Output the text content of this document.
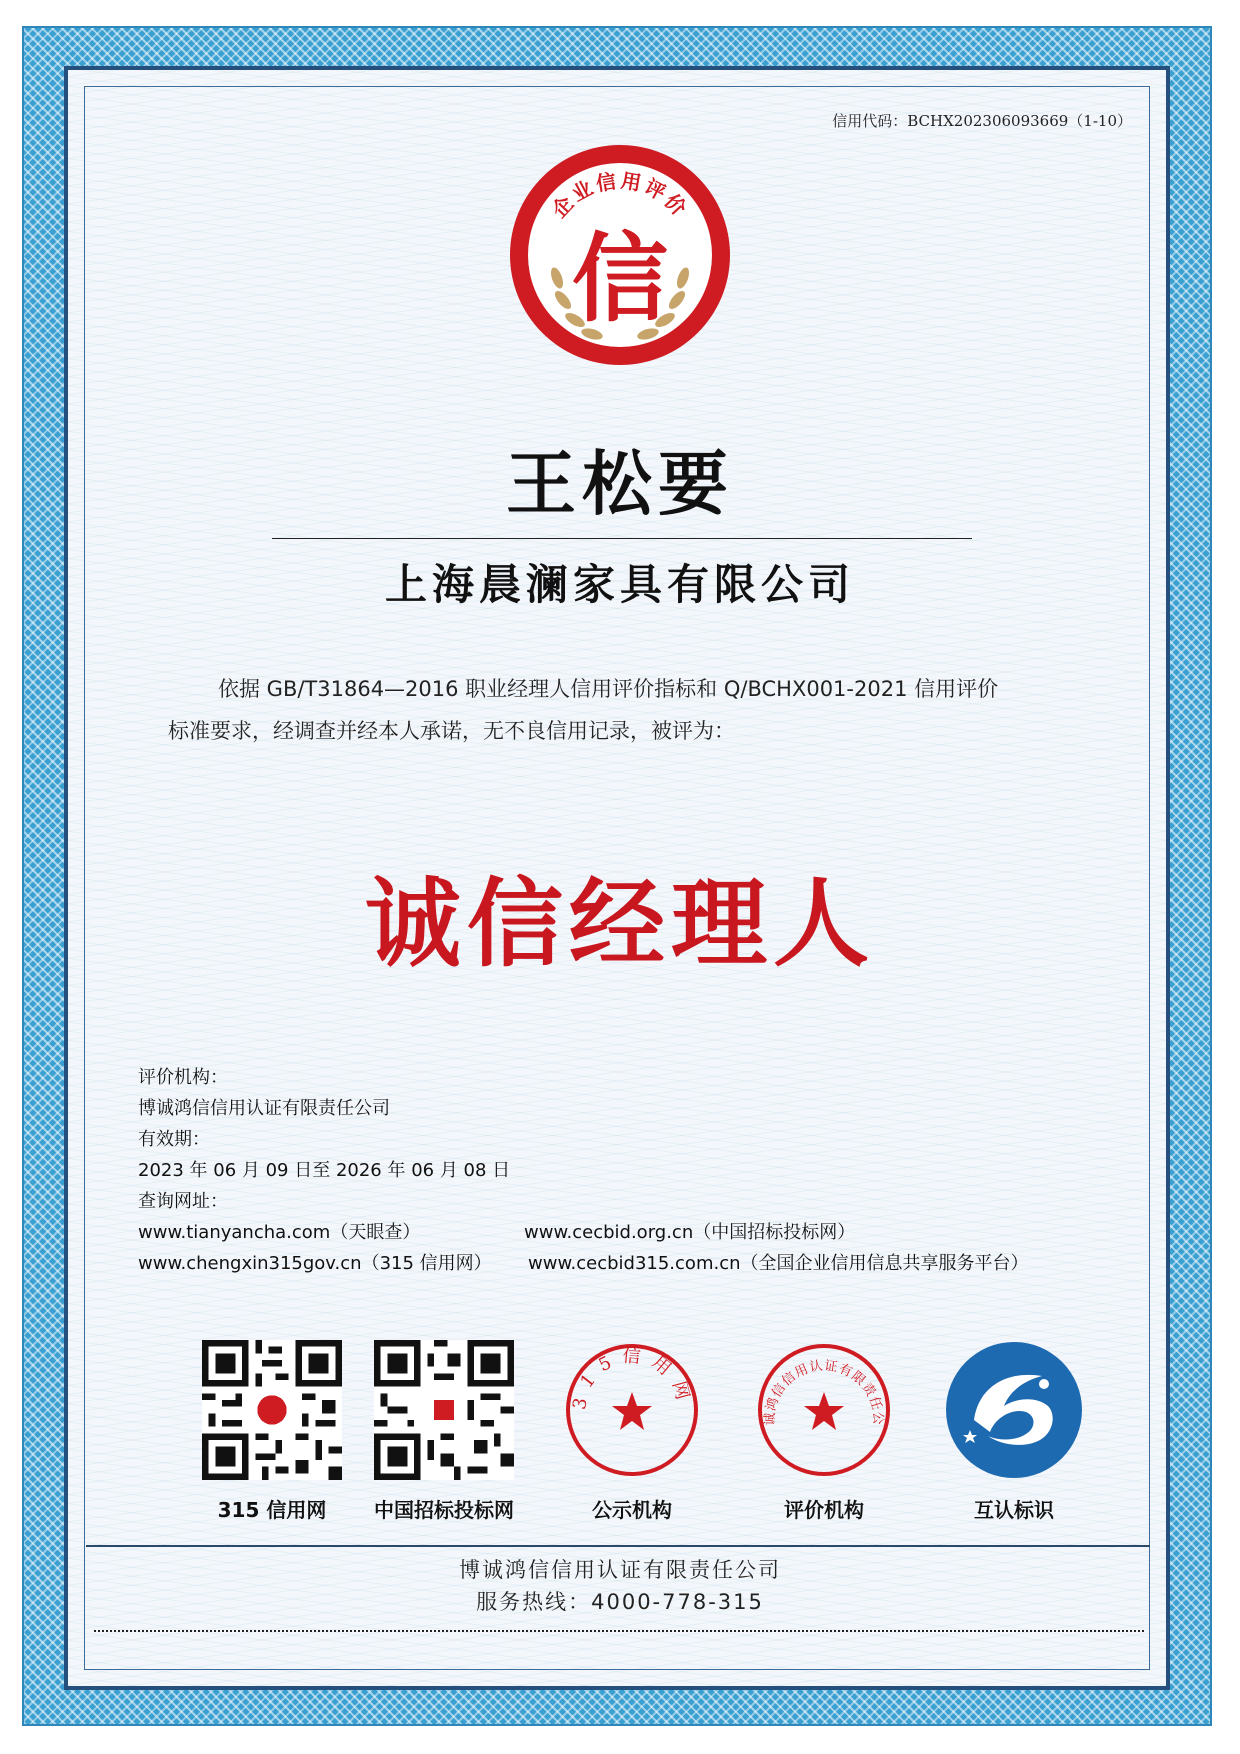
信用代码：BCHX202306093669（1-10）
企业信用评价
信
王松要
上海晨澜家具有限公司
依据 GB/T31864—2016 职业经理人信用评价指标和 Q/BCHX001-2021 信用评价
标准要求，经调查并经本人承诺，无不良信用记录，被评为：
诚信经理人
评价机构：
博诚鸿信信用认证有限责任公司
有效期：
2023 年 06 月 09 日至 2026 年 06 月 08 日
查询网址：
www.tianyancha.com（天眼查）	www.cecbid.org.cn（中国招标投标网）
www.chengxin315gov.cn（315 信用网） www.cecbid315.com.cn（全国企业信用信息共享服务平台）
315 信用网	中国招标投标网
315信用网
公示机构
诚鸿信信用认证有限责任公
评价机构	互认标识
博诚鸿信信用认证有限责任公司
服务热线：4000-778-315
